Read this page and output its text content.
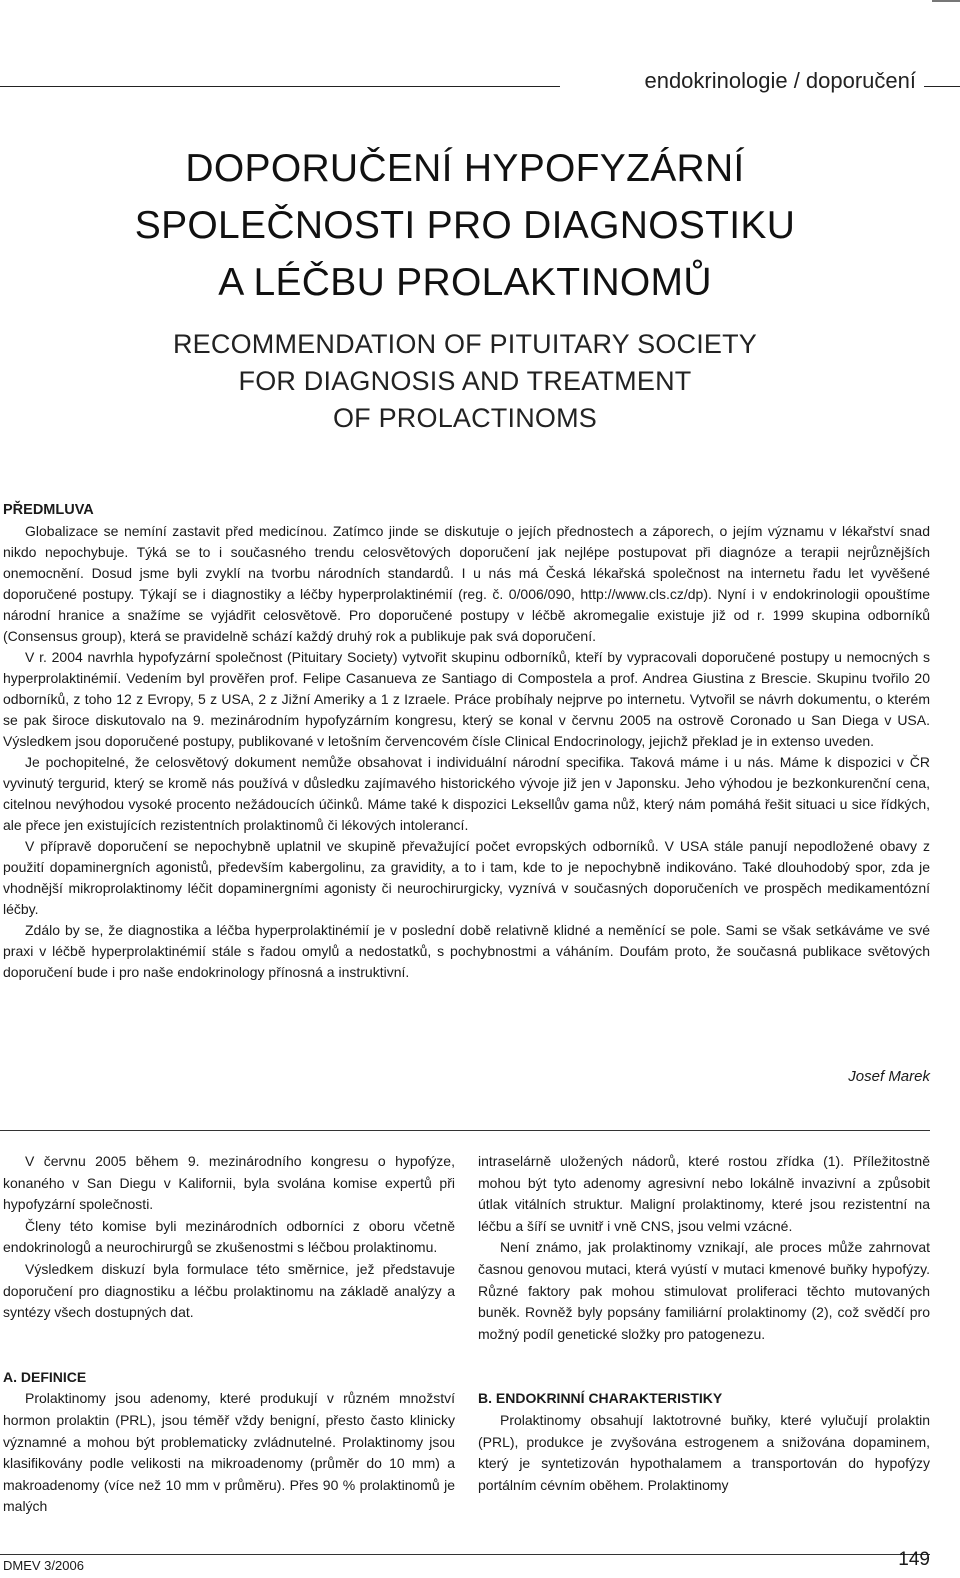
endokrinologie / doporučení
DOPORUČENÍ HYPOFYZÁRNÍ
SPOLEČNOSTI PRO DIAGNOSTIKU
A LÉČBU PROLAKTINOMŮ
RECOMMENDATION OF PITUITARY SOCIETY
FOR DIAGNOSIS AND TREATMENT
OF PROLACTINOMS
PŘEDMLUVA

Globalizace se nemíní zastavit před medicínou. Zatímco jinde se diskutuje o jejích přednostech a záporech, o jejím významu v lékařství snad nikdo nepochybuje. Týká se to i současného trendu celosvětových doporučení jak nejlépe postupovat při diagnóze a terapii nejrůznějších onemocnění. Dosud jsme byli zvyklí na tvorbu národních standardů. I u nás má Česká lékařská společnost na internetu řadu let vyvěšené doporučené postupy. Týkají se i diagnostiky a léčby hyperprolaktinémií (reg. č. 0/006/090, http://www.cls.cz/dp). Nyní i v endokrinologii opouštíme národní hranice a snažíme se vyjádřit celosvětově. Pro doporučené postupy v léčbě akromegalie existuje již od r. 1999 skupina odborníků (Consensus group), která se pravidelně schází každý druhý rok a publikuje pak svá doporučení.

V r. 2004 navrhla hypofyzární společnost (Pituitary Society) vytvořit skupinu odborníků, kteří by vypracovali doporučené postupy u nemocných s hyperprolaktinémií. Vedením byl prověřen prof. Felipe Casanueva ze Santiago di Compostela a prof. Andrea Giustina z Brescie. Skupinu tvořilo 20 odborníků, z toho 12 z Evropy, 5 z USA, 2 z Jižní Ameriky a 1 z Izraele. Práce probíhaly nejprve po internetu. Vytvořil se návrh dokumentu, o kterém se pak široce diskutovalo na 9. mezinárodním hypofyzárním kongresu, který se konal v červnu 2005 na ostrově Coronado u San Diega v USA. Výsledkem jsou doporučené postupy, publikované v letošním červencovém čísle Clinical Endocrinology, jejichž překlad je in extenso uveden.

Je pochopitelné, že celosvětový dokument nemůže obsahovat i individuální národní specifika. Taková máme i u nás. Máme k dispozici v ČR vyvinutý tergurid, který se kromě nás používá v důsledku zajímavého historického vývoje již jen v Japonsku. Jeho výhodou je bezkonkurenční cena, citelnou nevýhodou vysoké procento nežádoucích účinků. Máme také k dispozici Leksellův gama nůž, který nám pomáhá řešit situaci u sice řídkých, ale přece jen existujících rezistentních prolaktinomů či lékových intolerancí.

V přípravě doporučení se nepochybně uplatnil ve skupině převažující počet evropských odborníků. V USA stále panují nepodložené obavy z použití dopaminergních agonistů, především kabergolinu, za gravidity, a to i tam, kde to je nepochybně indikováno. Také dlouhodobý spor, zda je vhodnější mikroprolaktinomy léčit dopaminergními agonisty či neurochirurgicky, vyznívá v současných doporučeních ve prospěch medikamentózní léčby.

Zdálo by se, že diagnostika a léčba hyperprolaktinémií je v poslední době relativně klidné a neměnící se pole. Sami se však setkáváme ve své praxi v léčbě hyperprolaktinémií stále s řadou omylů a nedostatků, s pochybnostmi a váháním. Doufám proto, že současná publikace světových doporučení bude i pro naše endokrinology přínosná a instruktivní.

Josef Marek

V červnu 2005 během 9. mezinárodního kongresu o hypofýze, konaného v San Diegu v Kalifornii, byla svolána komise expertů při hypofyzární společnosti.

Členy této komise byli mezinárodních odborníci z oboru včetně endokrinologů a neurochirurgů se zkušenostmi s léčbou prolaktinomu.

Výsledkem diskuzí byla formulace této směrnice, jež představuje doporučení pro diagnostiku a léčbu prolaktinomu na základě analýzy a syntézy všech dostupných dat.

A. DEFINICE

Prolaktinomy jsou adenomy, které produkují v různém množství hormon prolaktin (PRL), jsou téměř vždy benigní, přesto často klinicky významné a mohou být problematicky zvládnutelné. Prolaktinomy jsou klasifikovány podle velikosti na mikroadenomy (průměr do 10 mm) a makroadenomy (více než 10 mm v průměru). Přes 90 % prolaktinomů je malých

intraselárně uložených nádorů, které rostou zřídka (1). Příležitostně mohou být tyto adenomy agresivní nebo lokálně invazivní a způsobit útlak vitálních struktur. Maligní prolaktinomy, které jsou rezistentní na léčbu a šíří se uvnitř i vně CNS, jsou velmi vzácné.

Není známo, jak prolaktinomy vznikají, ale proces může zahrnovat časnou genovou mutaci, která vyústí v mutaci kmenové buňky hypofýzy. Různé faktory pak mohou stimulovat proliferaci těchto mutovaných buněk. Rovněž byly popsány familiární prolaktinomy (2), což svědčí pro možný podíl genetické složky pro patogenezu.

B. ENDOKRINNÍ CHARAKTERISTIKY

Prolaktinomy obsahují laktotrovné buňky, které vylučují prolaktin (PRL), produkce je zvyšována estrogenem a snižována dopaminem, který je syntetizován hypothalamem a transportován do hypofýzy portálním cévním oběhem. Prolaktinomy

DMEV 3/2006	149
